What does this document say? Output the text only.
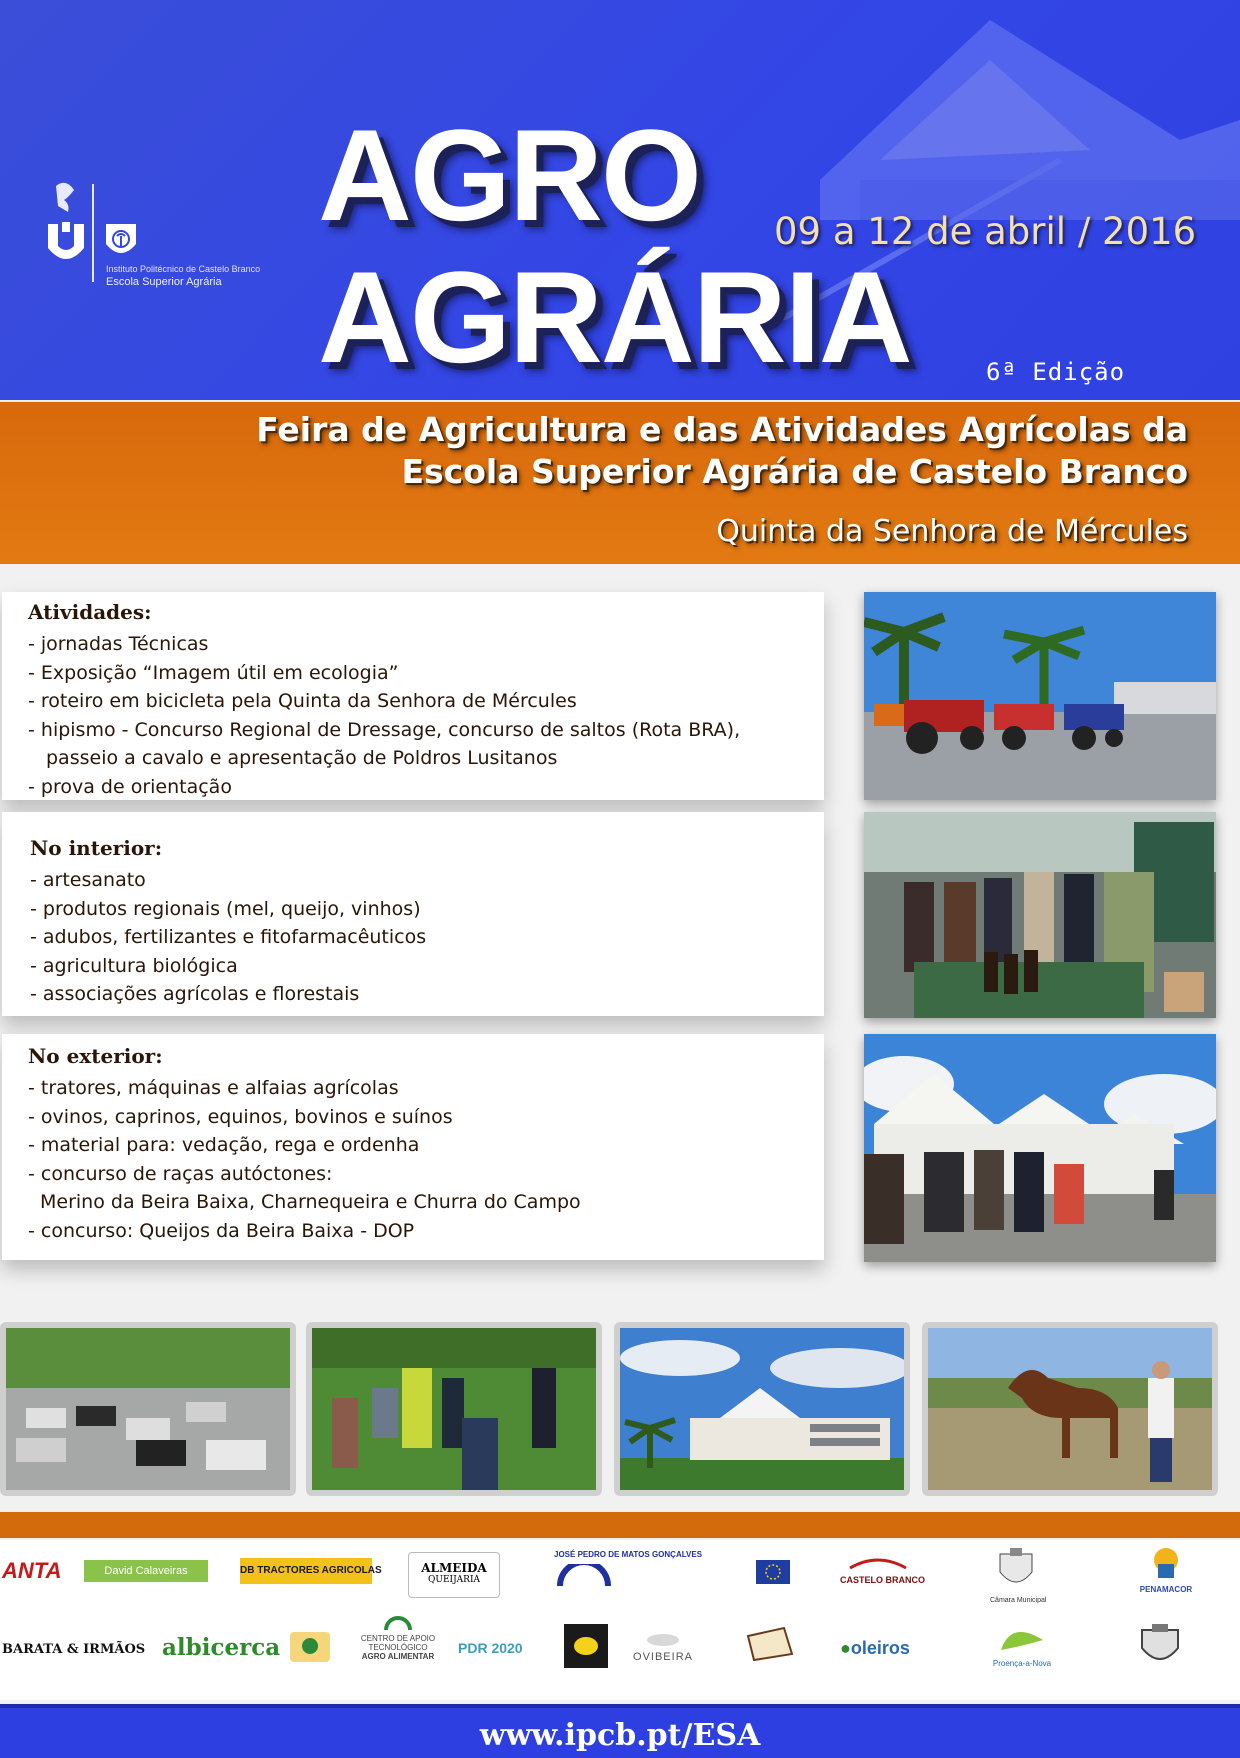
Instituto Politécnico de Castelo Branco
Escola Superior Agrária
AGRO
AGRÁRIA
09 a 12 de abril / 2016
6ª Edição
Feira de Agricultura e das Atividades Agrícolas da
Escola Superior Agrária de Castelo Branco
Quinta da Senhora de Mércules
Atividades:
- jornadas Técnicas
- Exposição “Imagem útil em ecologia”
- roteiro em bicicleta pela Quinta da Senhora de Mércules
- hipismo - Concurso Regional de Dressage, concurso de saltos (Rota BRA),
passeio a cavalo e apresentação de Poldros Lusitanos
- prova de orientação
No interior:
- artesanato
- produtos regionais (mel, queijo, vinhos)
- adubos, fertilizantes e fitofarmacêuticos
- agricultura biológica
- associações agrícolas e florestais
No exterior:
- tratores, máquinas e alfaias agrícolas
- ovinos, caprinos, equinos, bovinos e suínos
- material para: vedação, rega e ordenha
- concurso de raças autóctones:
Merino da Beira Baixa, Charnequeira e Churra do Campo
- concurso: Queijos da Beira Baixa - DOP
ANTA	David Calaveiras	DB TRACTORES AGRICOLAS	ALMEIDA
QUEIJARIA
JOSÉ PEDRO DE MATOS GONÇALVES
CASTELO BRANCO
Câmara Municipal
PENAMACOR
BARATA & IRMÃOS albicerca	CENTRO DE APOIO
TECNOLÓGICO
AGRO ALIMENTAR
PDR 2020
OVIBEIRA	●oleiros
Proença-a-Nova
www.ipcb.pt/ESA
